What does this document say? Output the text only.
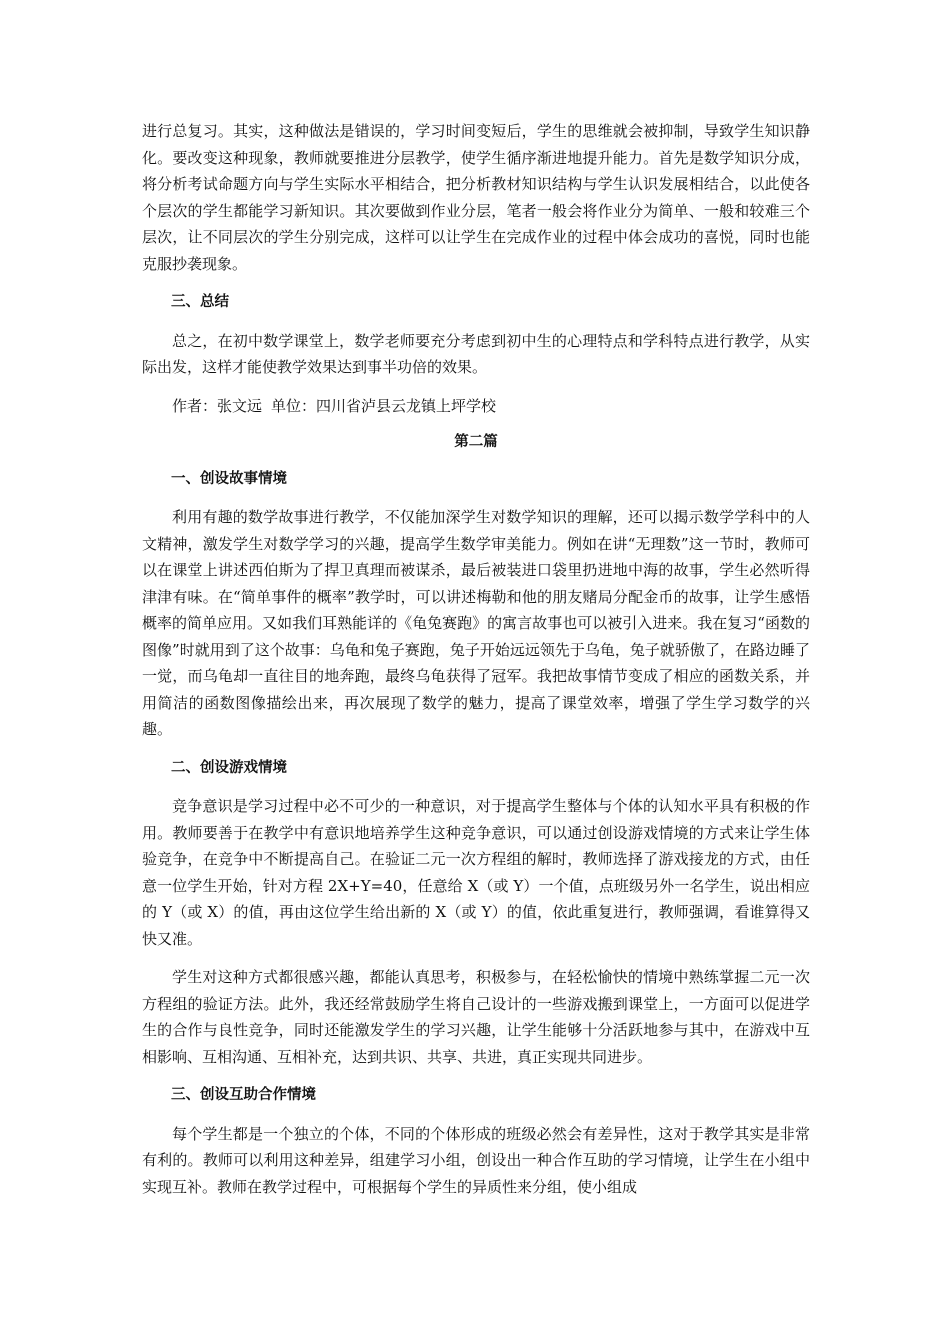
进行总复习。其实，这种做法是错误的，学习时间变短后，学生的思维就会被抑制，导致学生知识静化。要改变这种现象，教师就要推进分层教学，使学生循序渐进地提升能力。首先是数学知识分成，将分析考试命题方向与学生实际水平相结合，把分析教材知识结构与学生认识发展相结合，以此使各个层次的学生都能学习新知识。其次要做到作业分层，笔者一般会将作业分为简单、一般和较难三个层次，让不同层次的学生分别完成，这样可以让学生在完成作业的过程中体会成功的喜悦，同时也能克服抄袭现象。

三、总结

总之，在初中数学课堂上，数学老师要充分考虑到初中生的心理特点和学科特点进行教学，从实际出发，这样才能使教学效果达到事半功倍的效果。

作者：张文远 单位：四川省泸县云龙镇上坪学校

第二篇

一、创设故事情境

利用有趣的数学故事进行教学，不仅能加深学生对数学知识的理解，还可以揭示数学学科中的人文精神，激发学生对数学学习的兴趣，提高学生数学审美能力。例如在讲“无理数”这一节时，教师可以在课堂上讲述西伯斯为了捍卫真理而被谋杀，最后被装进口袋里扔进地中海的故事，学生必然听得津津有味。在“简单事件的概率”教学时，可以讲述梅勒和他的朋友赌局分配金币的故事，让学生感悟概率的简单应用。又如我们耳熟能详的《龟兔赛跑》的寓言故事也可以被引入进来。我在复习“函数的图像”时就用到了这个故事：乌龟和兔子赛跑，兔子开始远远领先于乌龟，兔子就骄傲了，在路边睡了一觉，而乌龟却一直往目的地奔跑，最终乌龟获得了冠军。我把故事情节变成了相应的函数关系，并用简洁的函数图像描绘出来，再次展现了数学的魅力，提高了课堂效率，增强了学生学习数学的兴趣。

二、创设游戏情境

竞争意识是学习过程中必不可少的一种意识，对于提高学生整体与个体的认知水平具有积极的作用。教师要善于在教学中有意识地培养学生这种竞争意识，可以通过创设游戏情境的方式来让学生体验竞争，在竞争中不断提高自己。在验证二元一次方程组的解时，教师选择了游戏接龙的方式，由任意一位学生开始，针对方程 2X+Y=40，任意给 X（或 Y）一个值，点班级另外一名学生，说出相应的 Y（或 X）的值，再由这位学生给出新的 X（或 Y）的值，依此重复进行，教师强调，看谁算得又快又准。

学生对这种方式都很感兴趣，都能认真思考，积极参与，在轻松愉快的情境中熟练掌握二元一次方程组的验证方法。此外，我还经常鼓励学生将自己设计的一些游戏搬到课堂上，一方面可以促进学生的合作与良性竞争，同时还能激发学生的学习兴趣，让学生能够十分活跃地参与其中，在游戏中互相影响、互相沟通、互相补充，达到共识、共享、共进，真正实现共同进步。

三、创设互助合作情境

每个学生都是一个独立的个体，不同的个体形成的班级必然会有差异性，这对于教学其实是非常有利的。教师可以利用这种差异，组建学习小组，创设出一种合作互助的学习情境，让学生在小组中实现互补。教师在教学过程中，可根据每个学生的异质性来分组，使小组成
